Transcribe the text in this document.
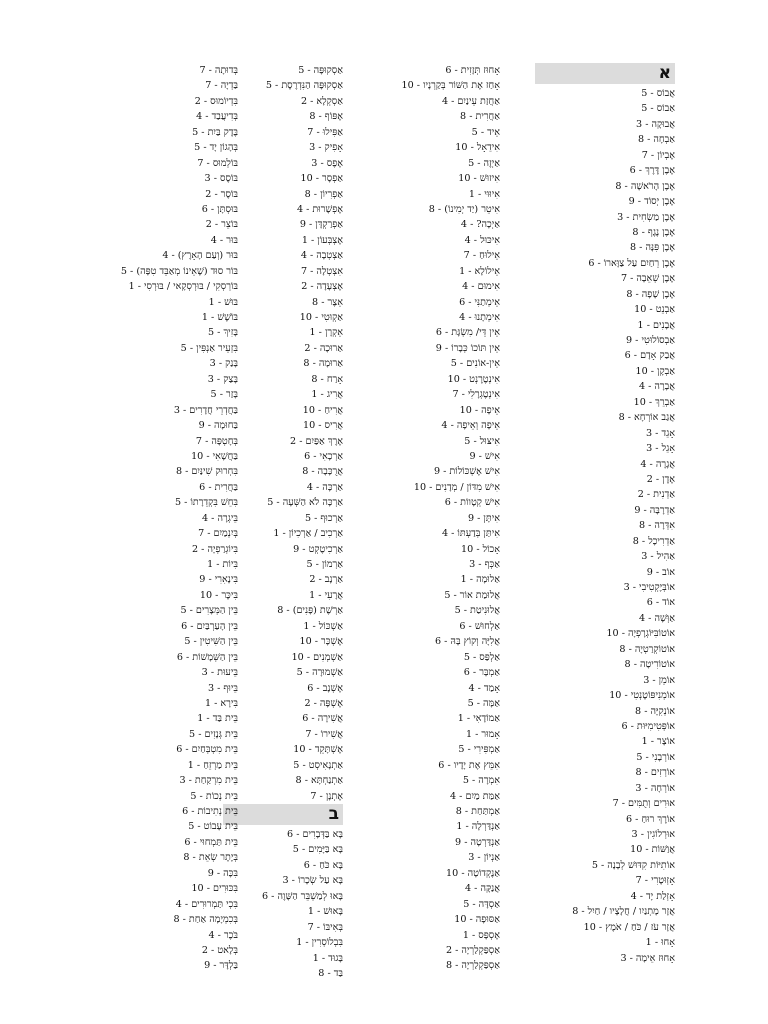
א
אֲבוֹס - 5
אַבוֹס - 5
אֲבוּקָה - 3
אַבְחָה - 8
אֶבְיוֹן - 7
אֶבֶן דֶּרֶךְ - 6
אֶבֶן הָרֹאשָׁה - 8
אֶבֶן יְסוֹד - 9
אֶבֶן מַשְׂחִית - 3
אֶבֶן נֶגֶף - 8
אֶבֶן פִּנָּה - 8
אֶבֶן רֵחַיִם עַל צַוָּארוֹ - 6
אֶבֶן שְׁאֵבָה - 7
אֶבֶן שָׁפָה - 8
אַבְנֵט - 10
אֲבָנִים - 1
אַבְסוֹלוּטִי - 9
אֲבַק אָדָם - 6
אַבְקָן - 10
אֲבָרָה - 4
אַבְרֵךְ - 10
אֲגַב אוֹרְחָא - 8
אָגֵד - 3
אָגֵל - 3
אֲגָרָה - 4
אֶדֶן - 2
אַדְנִית - 2
אַדְרָבָּה - 9
אִדְּרָה - 8
אַדְרִיכָל - 8
אַהִיל - 3
אוֹב - 9
אוֹבְּיֶקְטִיבִי - 3
אוֹד - 6
אַוְּשָׁה - 4
אוֹטוֹבִּיּוֹגְרָפְיָה - 10
אוֹטוֹקְרַטְיָה - 8
אוֹטוֹרִיטָה - 8
אוֹמֵן - 3
אוֹמְנִיפּוֹטֶנְטִי - 10
אוֹנְקִיָּה - 8
אוֹפְּטִימִיּוּת - 6
אוֹצָר - 1
אוֹרְבָנִי - 5
אוֹרְזִים - 8
אוֹרְחָה - 3
אוּרִים וְתֻמִּים - 7
אוֹרֶךְ רוּחַ - 6
אוּרְלוֹגִין - 3
אֲוַשּׁוֹת - 10
אוֹתִיּוֹת קִדּוּשׁ לְבָנָה - 5
אָזְוּטֶרִי - 7
אָזְלַת יָד - 4
אֲזָר מָתְנַיִו / חֲלָצָיו / חַיִל - 8
אֲזָר עֹז / כֹּחַ / אֹמֶץ - 10
אָחוּ - 1
אָחוּז אֵימָה - 3
אָחוּז תְּזָזִית - 6
אָחַז אֶת הַשּׁוֹר בְּקַרְנָיו - 10
אַחֲזַת עֵינַיִם - 4
אַחֲרִית - 8
אֵיד - 5
אִידֵאָל - 10
אַיְזֶה - 5
אִיזוּשׁ - 10
אִיוּוּי - 1
אִיטֵר (יַד יְמִינוֹ) - 8
אַיְכָה? - 4
אִיכּוּל - 4
אֵילוּחַ - 7
אֵילוֹלָא - 1
אִימוּם - 4
אֵימְתַנִּי - 6
אִימְתָנוּ - 4
אֵין דֵּי/ מִשְׂגָּת - 6
אֵין תּוֹכוֹ כְּבָרוֹ - 9
אֵין-אוֹנִים - 5
אִינְטֶרֶנְט - 10
אִינְטֶגְרָלִי - 7
אֵיפָה - 10
אֵיפָה וְאֵיפָה - 4
אִיצּוּל - 5
אִישׁ - 9
אִישׁ אֶשְׁכּוֹלוֹת - 9
אִישׁ מִדּוֹן / מְדָנִים - 10
אִישׁ קְטָווֹת - 6
אִיתָּן - 9
אִיתַּן בְּדַעְתּוֹ - 4
אָכוֹל - 10
אַכְּף - 3
אַלוּמָה - 1
אֲלוּמַת אוֹר - 5
אֲלוּנִיטַת - 5
אַלְחוּשׁ - 6
אֲלִיָּה וְקוֹץ בָּהּ - 6
אַלְפַּס - 5
אַמְבָּר - 6
אָמַד - 4
אַמָּה - 5
אַמוֹדָאִי - 1
אָמוּר - 1
אַמְפִּירִי - 5
אִמֵּץ אֶת יָדָיו - 6
אִמְרָה - 5
אַמַּת מַיִם - 4
אַמְתַּחַת - 8
אַנְדַּרְלָה - 1
אַנְדַּרְטָה - 9
אַנְיוֹן - 3
אַנֶקְדוֹטָה - 10
אֲנַקָּה - 4
אַסְדָּה - 5
אַסּוּפָה - 10
אֶסְפָּס - 1
אַסְפַּקְלַרְיָה - 2
אַסְפַּקְלַרְיָה - 8
אַסְקוּפָּה - 5
אַסְקוּפָּה הַנִּדְרֶסֶת - 5
אַסְקְלָא - 2
אֶפּוֹף - 8
אַפִּילוּ - 7
אָפִיק - 3
אֶפֶס - 3
אַפְסָר - 10
אַפְרִיוֹן - 8
אֶפְשָׁרוּת - 4
אַפְרַקְדָּן - 9
אֶצְבְּעוֹן - 1
אַצְטְבָה - 4
אִצְטְלָה - 7
אֶצְעָדָה - 2
אֵצֶר - 8
אַקְוּטִי - 10
אֵקְרָן - 1
אַרוּכָה - 2
אַרוּמָה - 8
אָרַח - 8
אֲרִיג - 1
אֲרִיחַ - 10
אֲרִיס - 10
אֶרֶךְ אַפַּיִם - 2
אַרְכָאִי - 6
אֲרֻכָּבָה - 8
אַרְכָּה - 4
אַרְכָּה לֹא הַשְּׁעָה - 5
אַרְכוּף - 5
אַרְכִיב / אַרְכִיוֹן - 1
אַרְכִיטֶקְט - 9
אַרְמוֹן - 5
אַרְנָב - 2
אֲרָעִי - 1
אַרְשֶׁת (פָּנִים) - 8
אַשְׁכּוֹל - 1
אֶשְׁכָּר - 10
אַשְׁמְנִים - 10
אַשְׁמוּרָה - 5
אֶשְׁנָב - 6
אֶשְׁפָּה - 2
אֲשִׁירָה - 6
אֲשִׁירוֹ - 7
אֶשְׁתָּקֵד - 10
אַתְנָאִיסְט - 5
אַתְנַחְתָּא - 8
אֶתְנָן - 7
ב
בָּא בַּדְּבָרִים - 6
בָּא בַּיָּמִים - 5
בָּא כֹּחַ - 6
בָּא עַל שְׂכָרוֹ - 3
בָּאוּ לְמַשְׁבֵּר הַשָּׁוֶה - 6
בָּאוּשׁ - 1
בְּאִיבּוֹ - 7
בִּבְלוֹסְרִין - 1
בָּגוּד - 1
בַּד - 8
בְּדוּתָה - 7
בַּדְיָה - 7
בִּדְיוֹמוּס - 2
בְּדִיעֲבַד - 4
בֶּדֶק בַּיִת - 5
בְּהָגוֹן יָד - 5
בּוֹלְמוּס - 7
בּוֹסֶס - 3
בּוֹסֶר - 2
בּוּסְתָּן - 6
בּוֹצֵר - 2
בּוּר - 4
בּוּר (וְעַם הָאָרֶץ) - 4
בּוֹר סוּד (שֶׁאֵינוֹ מְאַבֵּד טִפָּה) - 5
בּוֹרְסְקִי / בּוּרְסְקָאי / בּוּרְסִי - 1
בּוּשׁ - 1
בּוֹשֶׁשׁ - 1
בָּזִיךְ - 5
בִּזְעֵיר אַנְפִּין - 5
בָּנַק - 3
בָּצַק - 3
בָּזַר - 5
בַּחֲדְרֵי חֲדָרִים - 3
בַּחוּמָה - 9
בְּחָטְפָּה - 7
בַּחֲשָׁאִי - 10
בִּחְרוּק שִׁינַּיִם - 8
בַּחֲרִית - 6
בִּחֵשׁ בִּקְדֵרָתוֹ - 5
בֵּיגְרָה - 4
בְּיִנְמַיִם - 7
בִּיוֹגְרַפְיָה - 2
בִּיוֹת - 1
בִּינָאִרִי - 9
בִּיכֶּר - 10
בֵּין הַמְּצָרִים - 5
בֵּין הָעַרְבַּיִם - 6
בֵּין הַשִּׁיטִין - 5
בֵּין הַשְּׁמָשׁוֹת - 6
בֵּיעוּת - 3
בֵּיוּף - 3
בִּירָא - 1
בֵּית בַּד - 1
בֵּית גְּנָזִים - 5
בֵּית מִטְבְּחַיִם - 6
בֵּית מַרְזֵחַ - 1
בֵּית מִרְקַחַת - 3
בֵּית נְכוֹת - 5
בֵּית נְתִיבוֹת - 6
בֵּית עָבוֹט - 5
בֵּית תַּמְחוּי - 6
בְּיֶתֶר שְׂאֵת - 8
בִּכָּה - 9
בִּכּוּרִים - 10
בִּכְי תַּמְרוּרִים - 4
בְּכִמְיָמָה אַחַת - 8
בֹּכֶר - 4
בְּלָאט - 2
בַּלְדָּר - 9
